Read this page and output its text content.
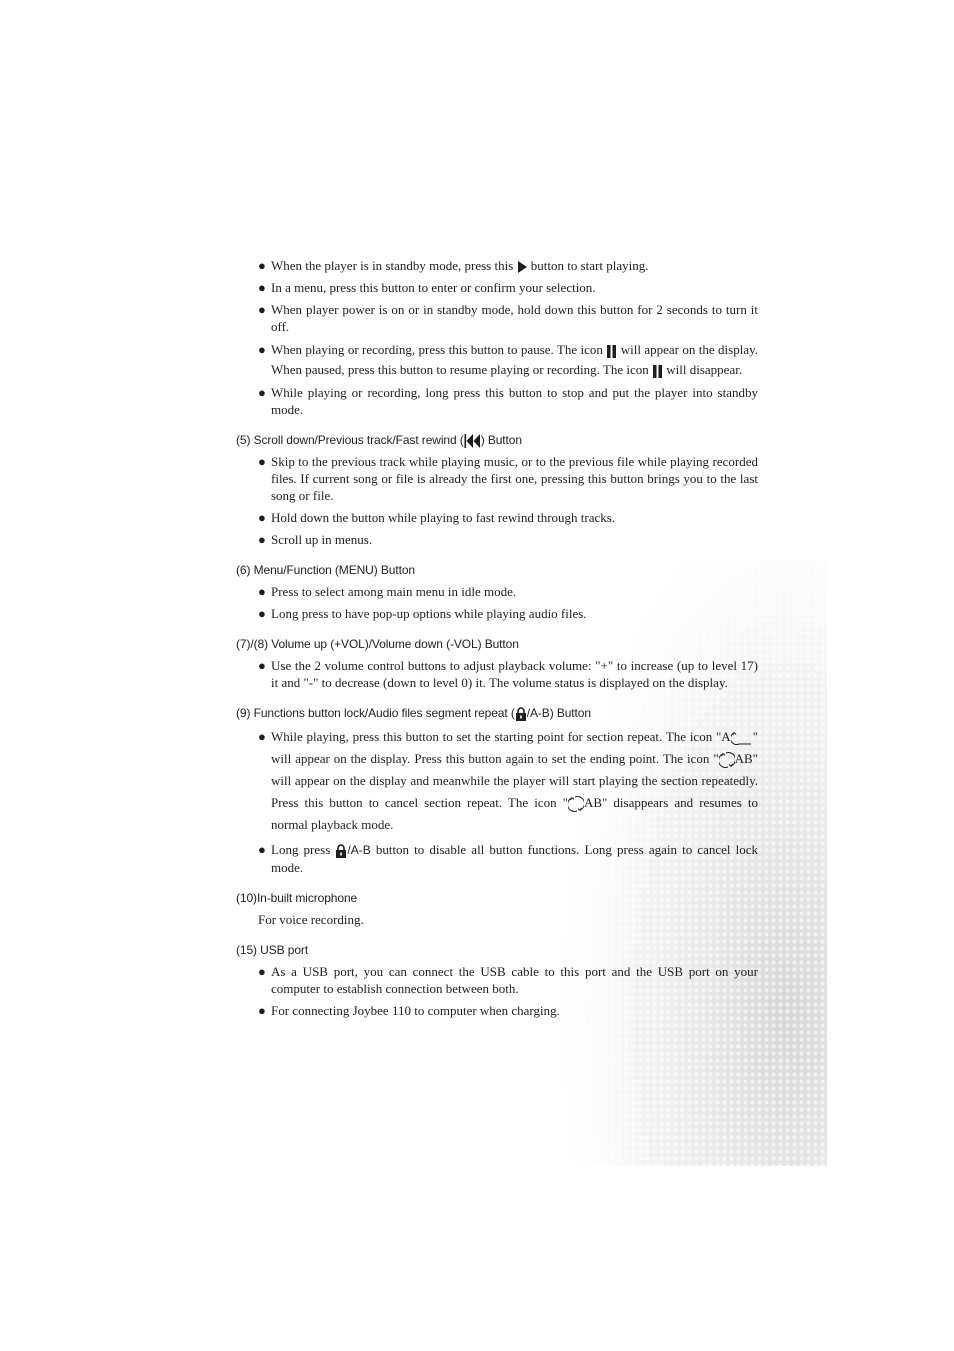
● When the player is in standby mode, press this button to start playing.
● In a menu, press this button to enter or confirm your selection.
● When player power is on or in standby mode, hold down this button for 2 seconds to turn it off.
● When playing or recording, press this button to pause. The icon will appear on the display. When paused, press this button to resume playing or recording. The icon will disappear.
● While playing or recording, long press this button to stop and put the player into standby mode.
(5) Scroll down/Previous track/Fast rewind ( ) Button
● Skip to the previous track while playing music, or to the previous file while playing recorded files. If current song or file is already the first one, pressing this button brings you to the last song or file.
● Hold down the button while playing to fast rewind through tracks.
● Scroll up in menus.
(6) Menu/Function (MENU) Button
● Press to select among main menu in idle mode.
● Long press to have pop-up options while playing audio files.
(7)/(8) Volume up (+VOL)/Volume down (-VOL) Button
● Use the 2 volume control buttons to adjust playback volume: "+" to increase (up to level 17) it and "-" to decrease (down to level 0) it. The volume status is displayed on the display.
(9) Functions button lock/Audio files segment repeat ( /A-B) Button
● While playing, press this button to set the starting point for section repeat. The icon "A " will appear on the display. Press this button again to set the ending point. The icon " AB" will appear on the display and meanwhile the player will start playing the section repeatedly. Press this button to cancel section repeat. The icon " AB" disappears and resumes to normal playback mode.
● Long press /A-B button to disable all button functions. Long press again to cancel lock mode.
(10)In-built microphone

For voice recording.

(15) USB port
● As a USB port, you can connect the USB cable to this port and the USB port on your computer to establish connection between both.
● For connecting Joybee 110 to computer when charging.
